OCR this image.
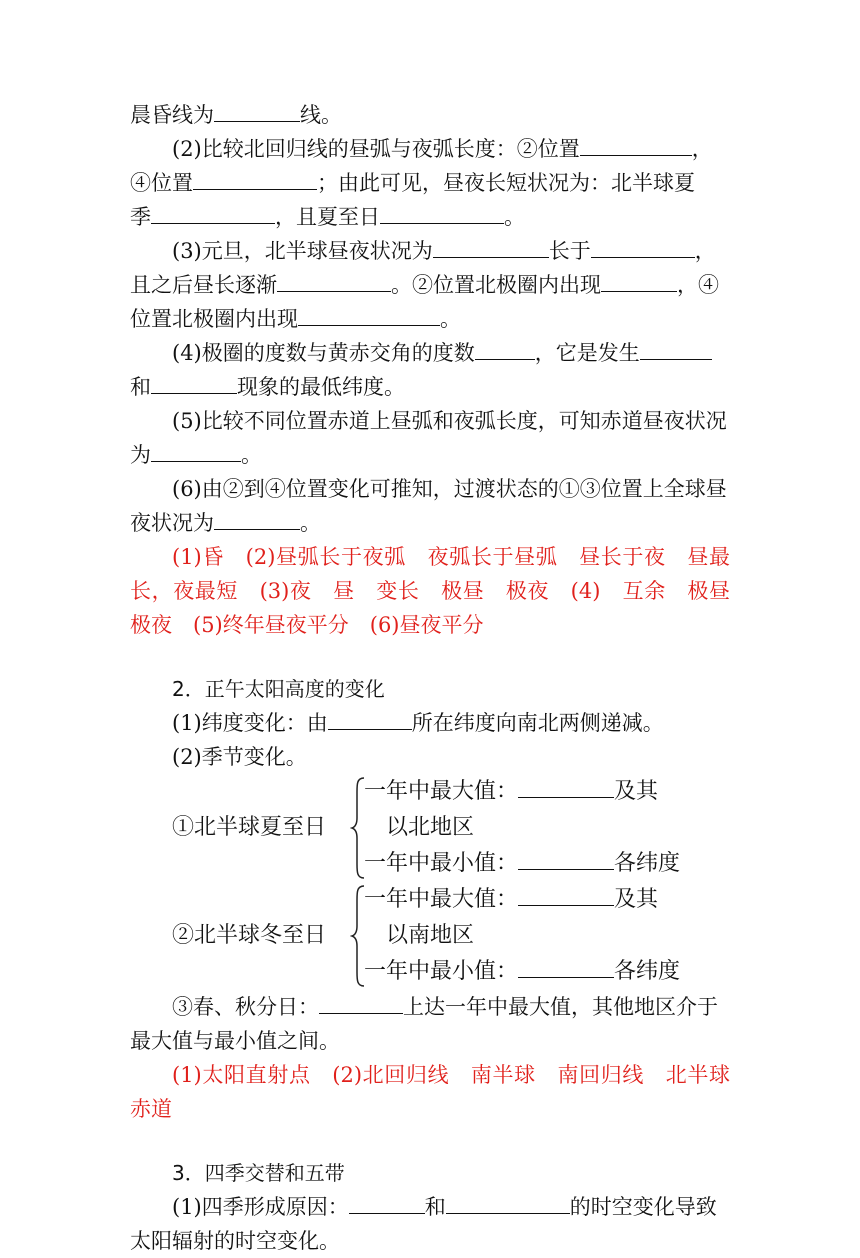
晨昏线为	线。

(2)比较北回归线的昼弧与夜弧长度：②位置	，

④位置	；由此可见，昼夜长短状况为：北半球夏

季	，且夏至日	。

(3)元旦，北半球昼夜状况为	长于	，

且之后昼长逐渐	。②位置北极圈内出现	，④

位置北极圈内出现	。

(4)极圈的度数与黄赤交角的度数	，它是发生

和	现象的最低纬度。

(5)比较不同位置赤道上昼弧和夜弧长度，可知赤道昼夜状况

为	。

(6)由②到④位置变化可推知，过渡状态的①③位置上全球昼

夜状况为	。

(1)昏　(2)昼弧长于夜弧　夜弧长于昼弧　昼长于夜　昼最

长，夜最短　(3)夜　昼　变长　极昼　极夜　(4)　互余　极昼

极夜　(5)终年昼夜平分　(6)昼夜平分

2．正午太阳高度的变化

(1)纬度变化：由	所在纬度向南北两侧递减。

(2)季节变化。

①北半球夏至日
一年中最大值：	及其
以北地区
一年中最小值：	各纬度
②北半球冬至日
一年中最大值：	及其
以南地区
一年中最小值：	各纬度

③春、秋分日：	上达一年中最大值，其他地区介于

最大值与最小值之间。

(1)太阳直射点　(2)北回归线　南半球　南回归线　北半球

赤道

3．四季交替和五带

(1)四季形成原因：	和	的时空变化导致

太阳辐射的时空变化。
